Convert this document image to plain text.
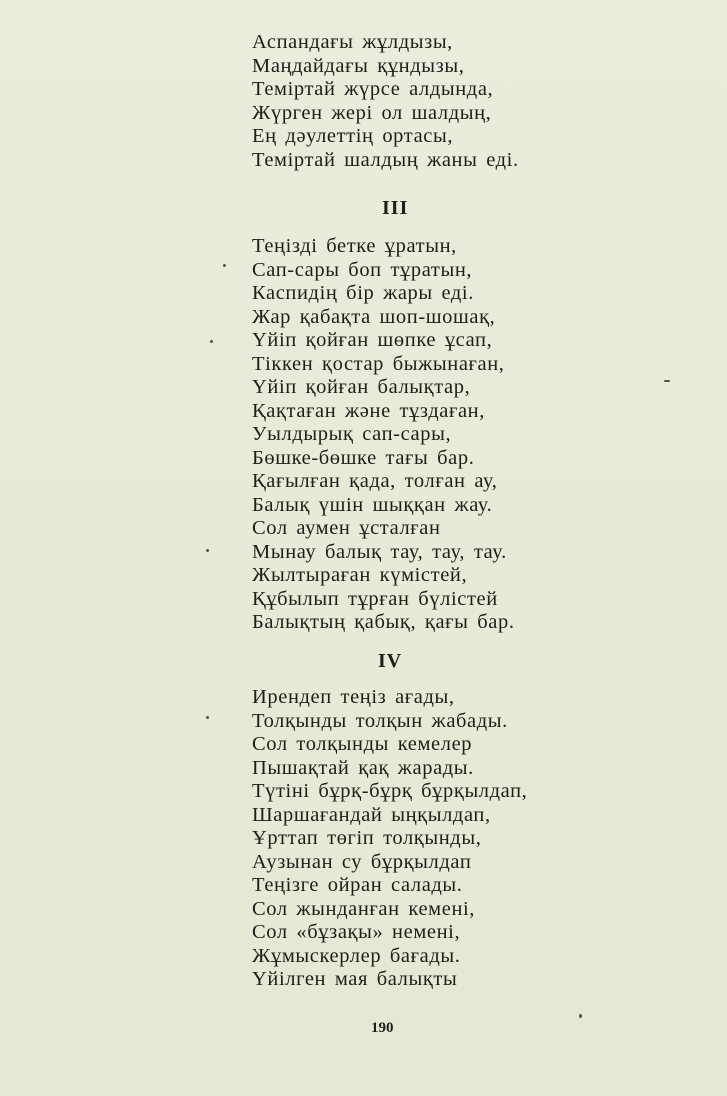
Аспандағы жұлдызы,
Маңдайдағы құндызы,
Теміртай жүрсе алдында,
Жүрген жері ол шалдың,
Ең дәулеттің ортасы,
Теміртай шалдың жаны еді.
III
Теңізді бетке ұратын,
Сап-сары боп тұратын,
Каспидің бір жары еді.
Жар қабақта шоп-шошақ,
Үйіп қойған шөпке ұсап,
Тіккен қостар быжынаған,
Үйіп қойған балықтар,
Қақтаған және тұздаған,
Уылдырық сап-сары,
Бөшке-бөшке тағы бар.
Қағылған қада, толған ау,
Балық үшін шыққан жау.
Сол аумен ұсталған
Мынау балық тау, тау, тау.
Жылтыраған күмістей,
Құбылып тұрған бүлістей
Балықтың қабық, қағы бар.
IV
Ирендеп теңіз ағады,
Толқынды толқын жабады.
Сол толқынды кемелер
Пышақтай қақ жарады.
Түтіні бұрқ-бұрқ бұрқылдап,
Шаршағандай ыңқылдап,
Ұрттап төгіп толқынды,
Аузынан су бұрқылдап
Теңізге ойран салады.
Сол жынданған кемені,
Сол «бұзақы» немені,
Жұмыскерлер бағады.
Үйілген мая балықты
190
